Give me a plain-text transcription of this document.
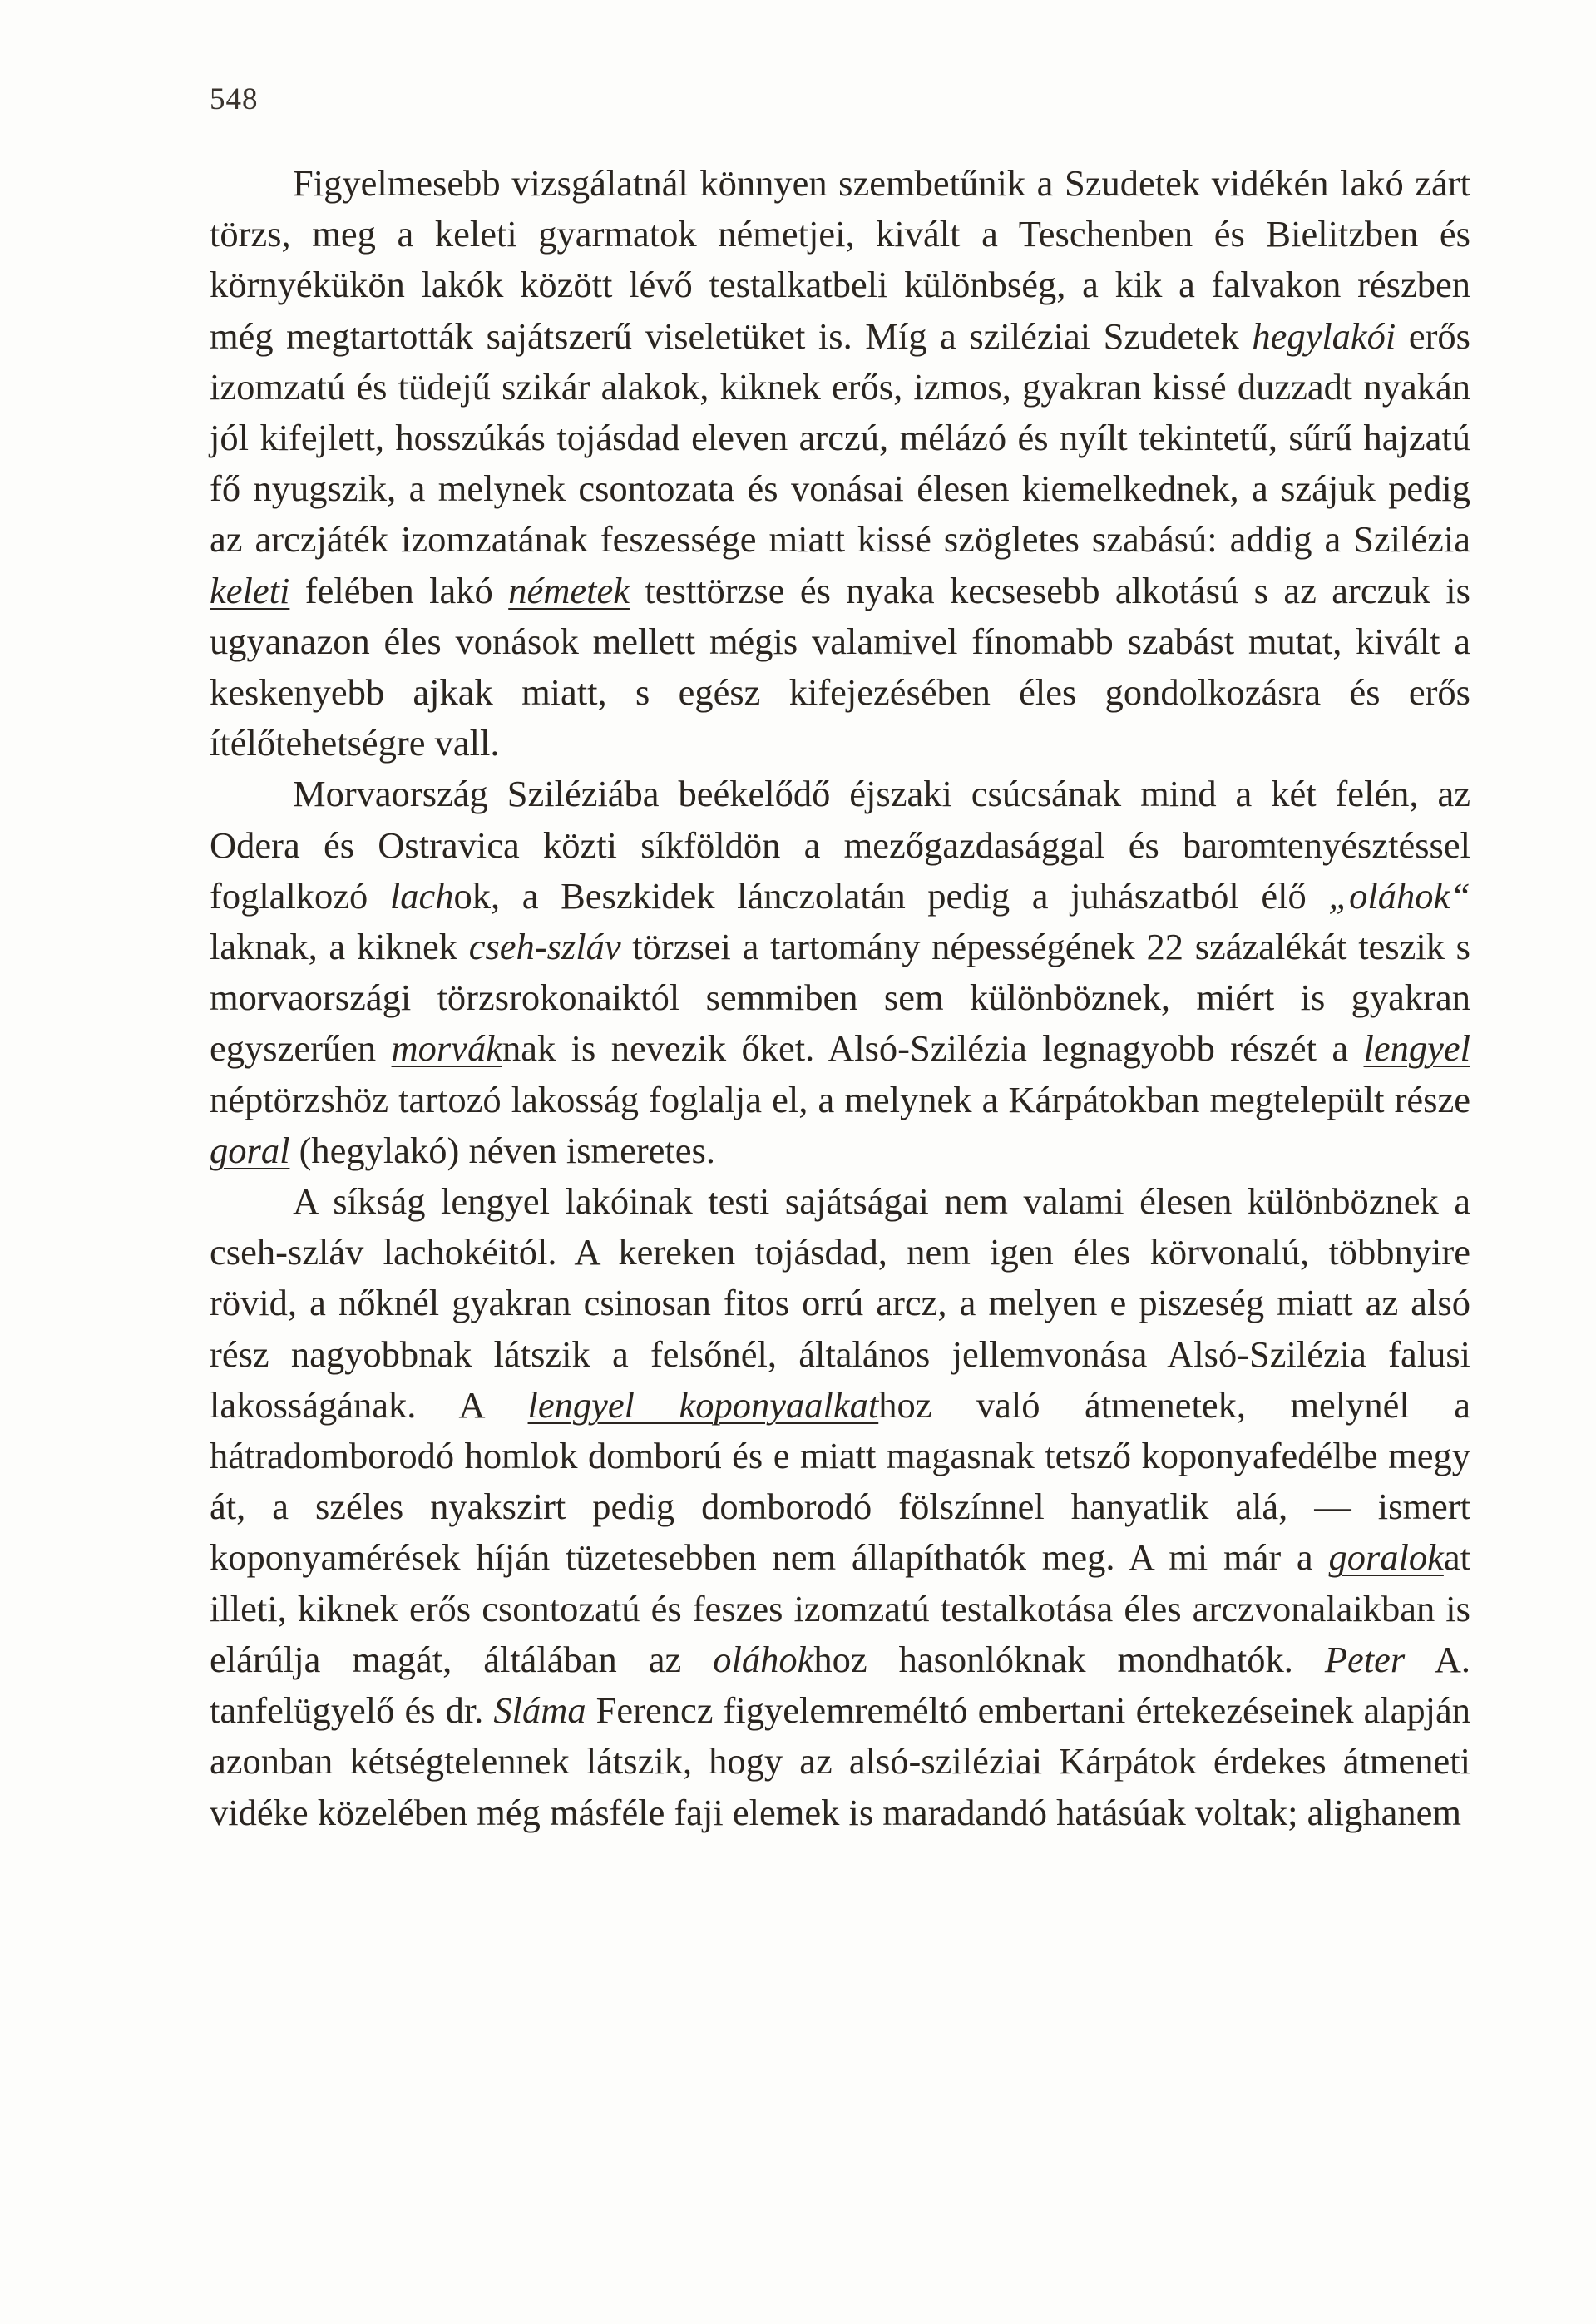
548

Figyelmesebb vizsgálatnál könnyen szembetűnik a Szudetek vidékén lakó zárt törzs, meg a keleti gyarmatok németjei, kivált a Teschenben és Bielitzben és környékükön lakók között lévő testalkatbeli különbség, a kik a falvakon részben még megtartották sajátszerű viseletüket is. Míg a sziléziai Szudetek hegylakói erős izomzatú és tüdejű szikár alakok, kiknek erős, izmos, gyakran kissé duzzadt nyakán jól kifejlett, hosszúkás tojásdad eleven arczú, mélázó és nyílt tekintetű, sűrű hajzatú fő nyugszik, a melynek csontozata és vonásai élesen kiemelkednek, a szájuk pedig az arczjáték izomzatának feszessége miatt kissé szögletes szabású: addig a Szilézia keleti felében lakó németek testtörzse és nyaka kecsesebb alkotású s az arczuk is ugyanazon éles vonások mellett mégis valamivel fínomabb szabást mutat, kivált a keskenyebb ajkak miatt, s egész kifejezésében éles gondolkozásra és erős ítélőtehetségre vall.

Morvaország Sziléziába beékelődő éjszaki csúcsának mind a két felén, az Odera és Ostravica közti síkföldön a mezőgazdasággal és baromtenyésztéssel foglalkozó lachok, a Beszkidek lánczolatán pedig a juhászatból élő „oláhok“ laknak, a kiknek cseh-szláv törzsei a tartomány népességének 22 százalékát teszik s morvaországi törzsrokonaiktól semmiben sem különböznek, miért is gyakran egyszerűen morváknak is nevezik őket. Alsó-Szilézia legnagyobb részét a lengyel néptörzshöz tartozó lakosság foglalja el, a melynek a Kárpátokban megtelepült része goral (hegylakó) néven ismeretes.

A síkság lengyel lakóinak testi sajátságai nem valami élesen különböznek a cseh-szláv lachokéitól. A kereken tojásdad, nem igen éles körvonalú, többnyire rövid, a nőknél gyakran csinosan fitos orrú arcz, a melyen e piszeség miatt az alsó rész nagyobbnak látszik a felsőnél, általános jellemvonása Alsó-Szilézia falusi lakosságának. A lengyel koponyaalkathoz való átmenetek, melynél a hátradomborodó homlok domború és e miatt magasnak tetsző koponyafedélbe megy át, a széles nyakszirt pedig domborodó fölszínnel hanyatlik alá, — ismert koponyamérések híján tüzetesebben nem állapíthatók meg. A mi már a goralokat illeti, kiknek erős csontozatú és feszes izomzatú testalkotása éles arczvonalaikban is elárúlja magát, áltálában az oláhokhoz hasonlóknak mondhatók. Peter A. tanfelügyelő és dr. Sláma Ferencz figyelemreméltó embertani értekezéseinek alapján azonban kétségtelennek látszik, hogy az alsó-sziléziai Kárpátok érdekes átmeneti vidéke közelében még másféle faji elemek is maradandó hatásúak voltak; alighanem
